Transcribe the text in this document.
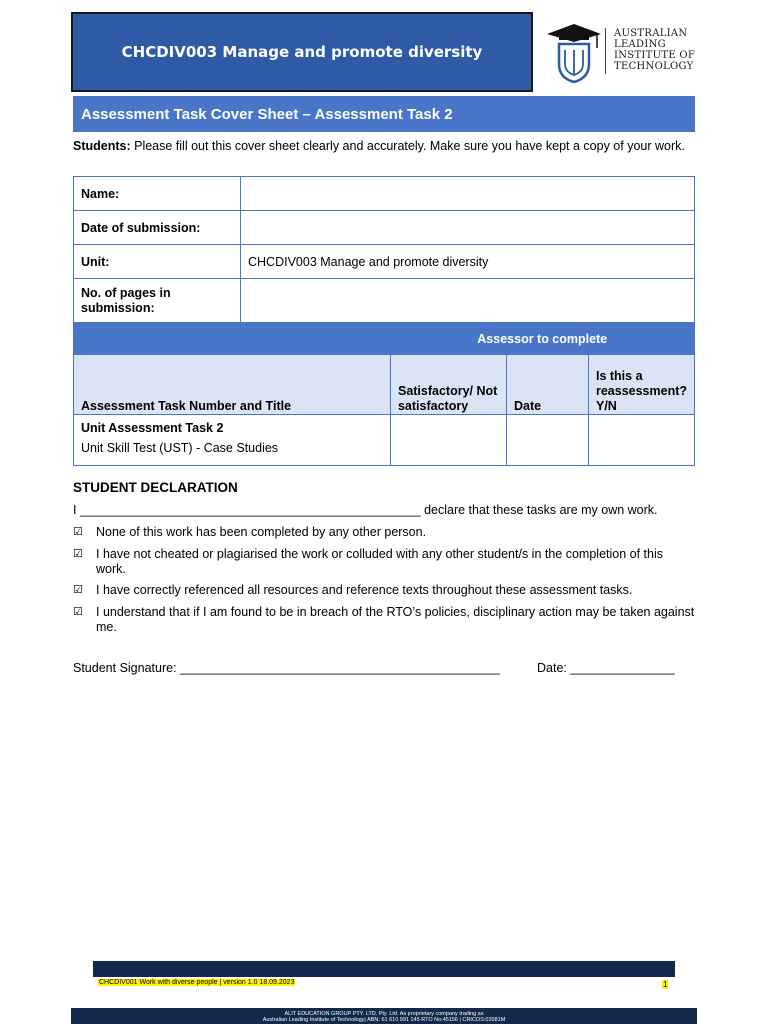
CHCDIV003 Manage and promote diversity
AUSTRALIAN
LEADING
INSTITUTE OF
TECHNOLOGY
Assessment Task Cover Sheet – Assessment Task 2
Students: Please fill out this cover sheet clearly and accurately. Make sure you have kept a copy of your work.
Name:	
Date of submission:	
Unit:	CHCDIV003 Manage and promote diversity
No. of pages in submission:	
	Assessor to complete		
Assessment Task Number and Title	Satisfactory/ Not satisfactory	Date	Is this a reassessment? Y/N

Unit Assessment Task 2
Unit Skill Test (UST) - Case Studies			

STUDENT DECLARATION
I _________________________________________________ declare that these tasks are my own work.
☑	None of this work has been completed by any other person.
☑	I have not cheated or plagiarised the work or colluded with any other student/s in the completion of this work.
☑	I have correctly referenced all resources and reference texts throughout these assessment tasks.
☑	I understand that if I am found to be in breach of the RTO’s policies, disciplinary action may be taken against me.
Student Signature: ______________________________________________	Date: _______________
CHCDIV001 Work with diverse people | version 1.0 18.09.2023	1
ALIT EDUCATION GROUP PTY. LTD. Pty. Ltd. As proprietary company trading as
Australian Leading Institute of Technology| ABN: 61 610 991 145 RTO No:45156 | CRICOS:03981M
